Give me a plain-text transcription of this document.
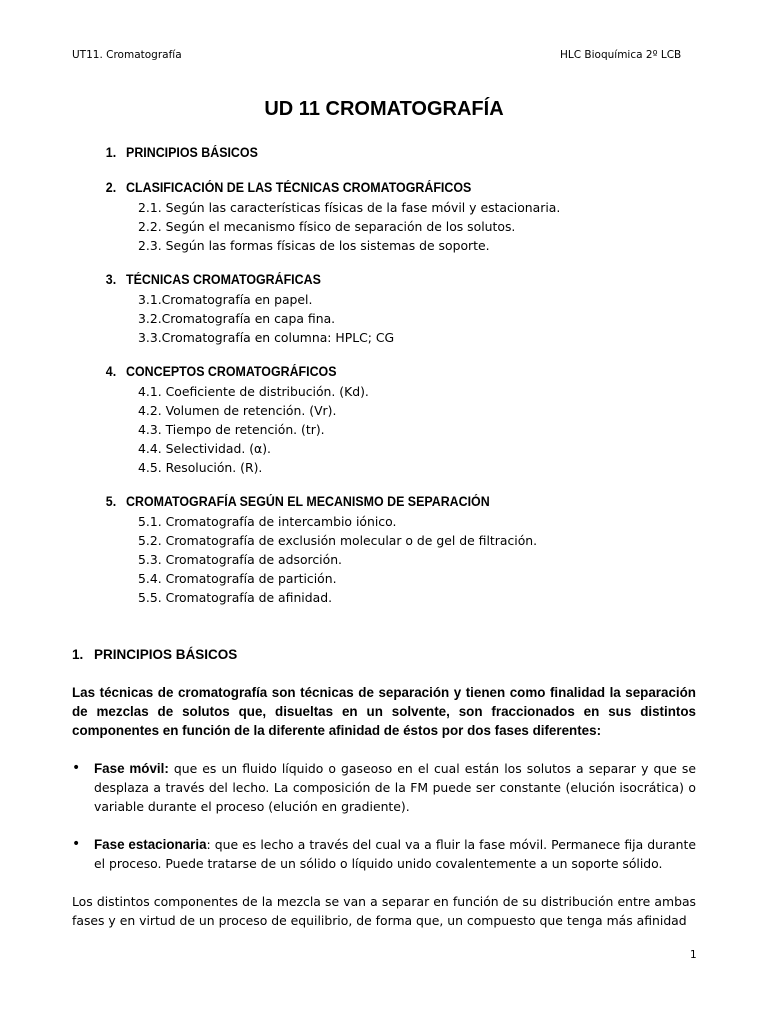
UT11. Cromatografía	HLC Bioquímica 2º LCB
UD 11 CROMATOGRAFÍA
1. PRINCIPIOS BÁSICOS
2. CLASIFICACIÓN DE LAS TÉCNICAS CROMATOGRÁFICOS
2.1. Según las características físicas de la fase móvil y estacionaria.
2.2. Según el mecanismo físico de separación de los solutos.
2.3. Según las formas físicas de los sistemas de soporte.
3. TÉCNICAS CROMATOGRÁFICAS
3.1.Cromatografía en papel.
3.2.Cromatografía en capa fina.
3.3.Cromatografía en columna: HPLC; CG
4. CONCEPTOS CROMATOGRÁFICOS
4.1. Coeficiente de distribución. (Kd).
4.2. Volumen de retención. (Vr).
4.3. Tiempo de retención. (tr).
4.4. Selectividad. (α).
4.5. Resolución. (R).
5. CROMATOGRAFÍA SEGÚN EL MECANISMO DE SEPARACIÓN
5.1. Cromatografía de intercambio iónico.
5.2. Cromatografía de exclusión molecular o de gel de filtración.
5.3. Cromatografía de adsorción.
5.4. Cromatografía de partición.
5.5. Cromatografía de afinidad.
1. PRINCIPIOS BÁSICOS
Las técnicas de cromatografía son técnicas de separación y tienen como finalidad la separación de mezclas de solutos que, disueltas en un solvente, son fraccionados en sus distintos componentes en función de la diferente afinidad de éstos por dos fases diferentes:
• Fase móvil: que es un fluido líquido o gaseoso en el cual están los solutos a separar y que se desplaza a través del lecho. La composición de la FM puede ser constante (elución isocrática) o variable durante el proceso (elución en gradiente).
• Fase estacionaria: que es lecho a través del cual va a fluir la fase móvil. Permanece fija durante el proceso. Puede tratarse de un sólido o líquido unido covalentemente a un soporte sólido.
Los distintos componentes de la mezcla se van a separar en función de su distribución entre ambas fases y en virtud de un proceso de equilibrio, de forma que, un compuesto que tenga más afinidad
1
